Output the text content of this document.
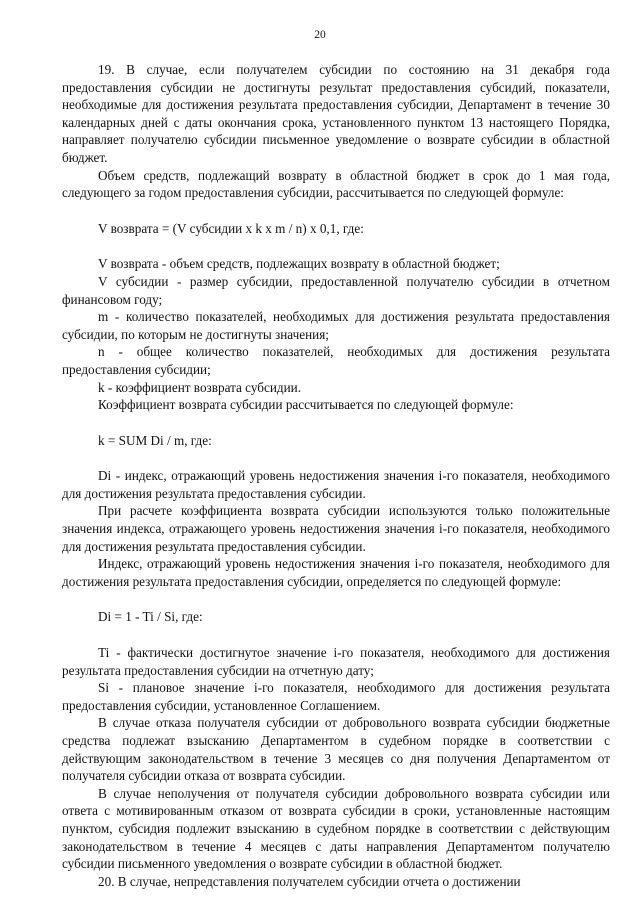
20

19. В случае, если получателем субсидии по состоянию на 31 декабря года предоставления субсидии не достигнуты результат предоставления субсидий, показатели, необходимые для достижения результата предоставления субсидии, Департамент в течение 30 календарных дней с даты окончания срока, установленного пунктом 13 настоящего Порядка, направляет получателю субсидии письменное уведомление о возврате субсидии в областной бюджет.

Объем средств, подлежащий возврату в областной бюджет в срок до 1 мая года, следующего за годом предоставления субсидии, рассчитывается по следующей формуле:

V возврата = (V субсидии x k x m / n) x 0,1, где:

V возврата - объем средств, подлежащих возврату в областной бюджет;

V субсидии - размер субсидии, предоставленной получателю субсидии в отчетном финансовом году;

m - количество показателей, необходимых для достижения результата предоставления субсидии, по которым не достигнуты значения;

n - общее количество показателей, необходимых для достижения результата предоставления субсидии;

k - коэффициент возврата субсидии.

Коэффициент возврата субсидии рассчитывается по следующей формуле:

k = SUM Di / m, где:

Di - индекс, отражающий уровень недостижения значения i-го показателя, необходимого для достижения результата предоставления субсидии.

При расчете коэффициента возврата субсидии используются только положительные значения индекса, отражающего уровень недостижения значения i-го показателя, необходимого для достижения результата предоставления субсидии.

Индекс, отражающий уровень недостижения значения i-го показателя, необходимого для достижения результата предоставления субсидии, определяется по следующей формуле:

Di = 1 - Ti / Si, где:

Ti - фактически достигнутое значение i-го показателя, необходимого для достижения результата предоставления субсидии на отчетную дату;

Si - плановое значение i-го показателя, необходимого для достижения результата предоставления субсидии, установленное Соглашением.

В случае отказа получателя субсидии от добровольного возврата субсидии бюджетные средства подлежат взысканию Департаментом в судебном порядке в соответствии с действующим законодательством в течение 3 месяцев со дня получения Департаментом от получателя субсидии отказа от возврата субсидии.

В случае неполучения от получателя субсидии добровольного возврата субсидии или ответа с мотивированным отказом от возврата субсидии в сроки, установленные настоящим пунктом, субсидия подлежит взысканию в судебном порядке в соответствии с действующим законодательством в течение 4 месяцев с даты направления Департаментом получателю субсидии письменного уведомления о возврате субсидии в областной бюджет.

20. В случае, непредставления получателем субсидии отчета о достижении
